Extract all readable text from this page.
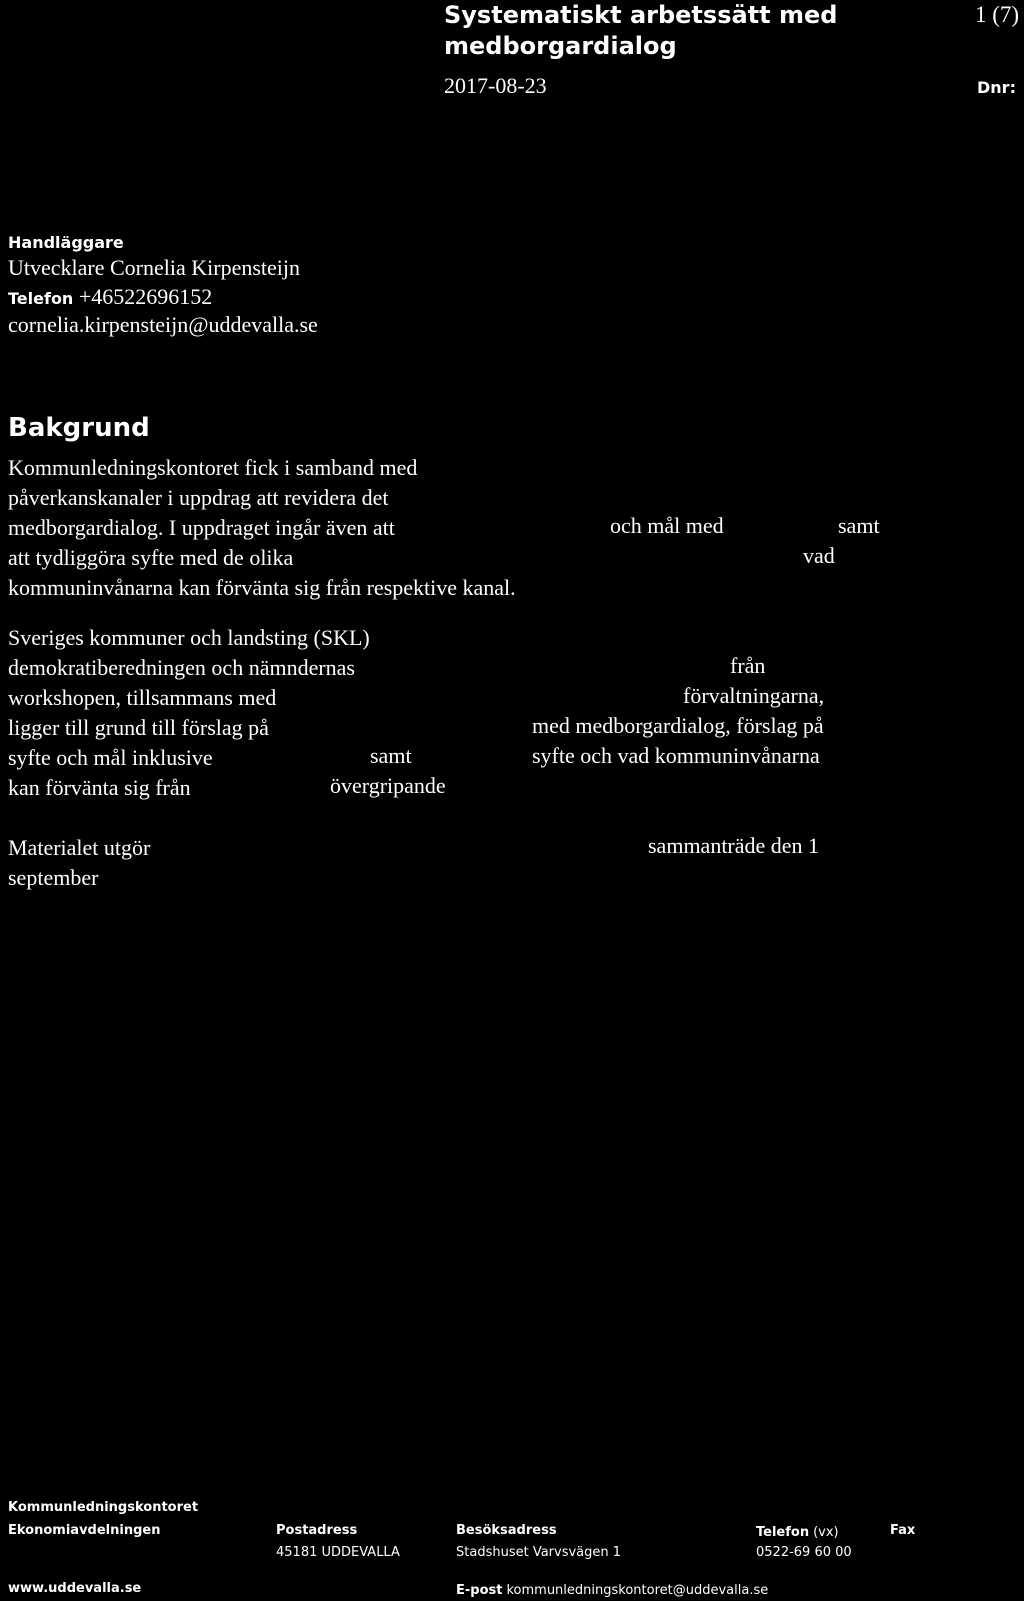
Systematiskt arbetssätt med
medborgardialog
1 (7)
2017-08-23	Dnr:
Handläggare
Utvecklare Cornelia Kirpensteijn
Telefon +46522696152
cornelia.kirpensteijn@uddevalla.se
Bakgrund
Kommunledningskontoret fick i samband med
påverkanskanaler i uppdrag att revidera det
medborgardialog. I uppdraget ingår även att
att tydliggöra syfte med de olika
kommuninvånarna kan förvänta sig från respektive kanal.
och mål med	samt
vad
Sveriges kommuner och landsting (SKL)
demokratiberedningen och nämndernas
workshopen, tillsammans med
ligger till grund till förslag på
syfte och mål inklusive
kan förvänta sig från
samt
övergripande
från
förvaltningarna,
med medborgardialog, förslag på
syfte och vad kommuninvånarna
Materialet utgör
september
sammanträde den 1
Kommunledningskontoret
Ekonomiavdelningen
www.uddevalla.se
Postadress
45181 UDDEVALLA
Besöksadress
Stadshuset Varvsvägen 1
E-post kommunledningskontoret@uddevalla.se
Telefon (vx)
0522-69 60 00
Fax
